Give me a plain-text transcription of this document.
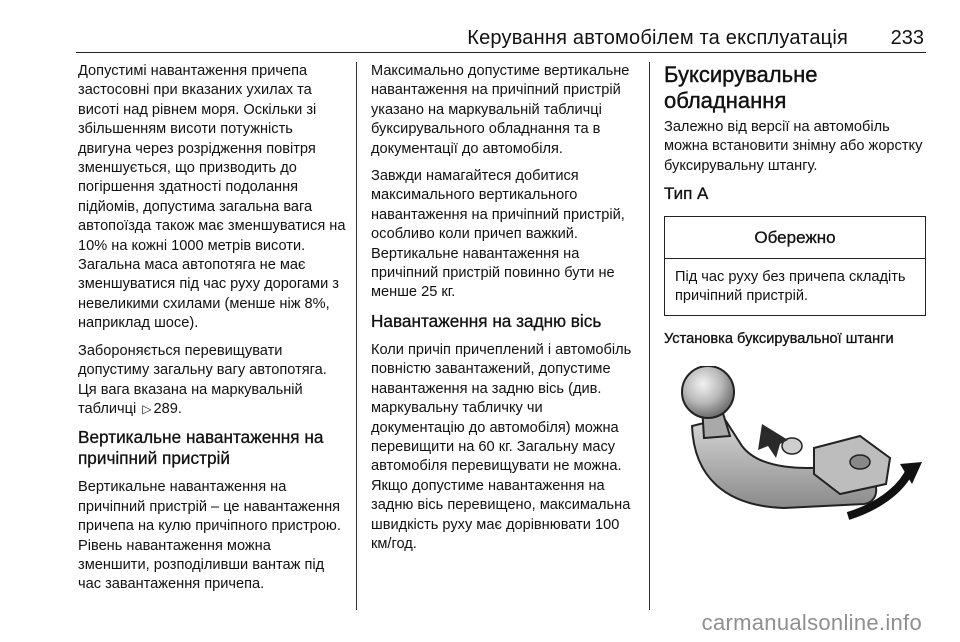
Керування автомобілем та експлуатація 233

Допустимі навантаження причепа застосовні при вказаних ухилах та висоті над рівнем моря. Оскільки зі збільшенням висоти потужність двигуна через розрідження повітря зменшується, що призводить до погіршення здатності подолання підйомів, допустима загальна вага автопоїзда також має зменшуватися на 10% на кожні 1000 метрів висоти. Загальна маса автопотяга не має зменшуватися під час руху дорогами з невеликими схилами (менше ніж 8%, наприклад шосе).

Забороняється перевищувати допустиму загальну вагу автопотяга. Ця вага вказана на маркувальній табличці ▷ 289.

Вертикальне навантаження на причіпний пристрій

Вертикальне навантаження на причіпний пристрій – це навантаження причепа на кулю причіпного пристрою. Рівень навантаження можна зменшити, розподіливши вантаж під час завантаження причепа.

Максимально допустиме вертикальне навантаження на причіпний пристрій указано на маркувальній табличці буксирувального обладнання та в документації до автомобіля.

Завжди намагайтеся добитися максимального вертикального навантаження на причіпний пристрій, особливо коли причеп важкий. Вертикальне навантаження на причіпний пристрій повинно бути не менше 25 кг.

Навантаження на задню вісь

Коли причіп причеплений і автомобіль повністю завантажений, допустиме навантаження на задню вісь (див. маркувальну табличку чи документацію до автомобіля) можна перевищити на 60 кг. Загальну масу автомобіля перевищувати не можна. Якщо допустиме навантаження на задню вісь перевищено, максимальна швидкість руху має дорівнювати 100 км/год.

Буксирувальне обладнання

Залежно від версії на автомобіль можна встановити знімну або жорстку буксирувальну штангу.

Тип A
Обережно
Під час руху без причепа складіть причіпний пристрій.
Установка буксирувальної штанги
carmanualsonline.info
